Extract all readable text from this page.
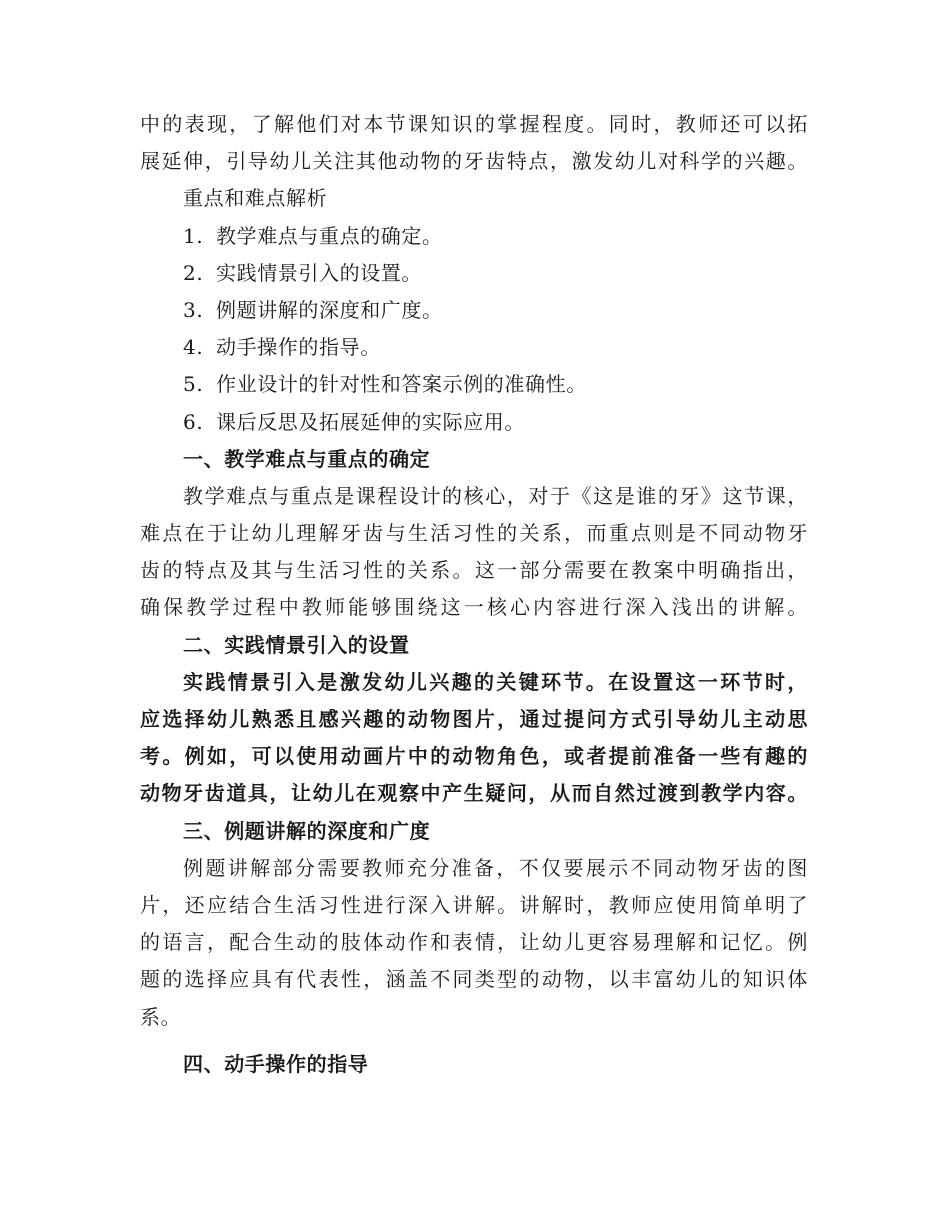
中的表现，了解他们对本节课知识的掌握程度。同时，教师还可以拓
展延伸，引导幼儿关注其他动物的牙齿特点，激发幼儿对科学的兴趣。
重点和难点解析
1. 教学难点与重点的确定。
2. 实践情景引入的设置。
3. 例题讲解的深度和广度。
4. 动手操作的指导。
5. 作业设计的针对性和答案示例的准确性。
6. 课后反思及拓展延伸的实际应用。
一、教学难点与重点的确定
教学难点与重点是课程设计的核心，对于《这是谁的牙》这节课，
难点在于让幼儿理解牙齿与生活习性的关系，而重点则是不同动物牙
齿的特点及其与生活习性的关系。这一部分需要在教案中明确指出，
确保教学过程中教师能够围绕这一核心内容进行深入浅出的讲解。
二、实践情景引入的设置
实践情景引入是激发幼儿兴趣的关键环节。在设置这一环节时，
应选择幼儿熟悉且感兴趣的动物图片，通过提问方式引导幼儿主动思
考。例如，可以使用动画片中的动物角色，或者提前准备一些有趣的
动物牙齿道具，让幼儿在观察中产生疑问，从而自然过渡到教学内容。
三、例题讲解的深度和广度
例题讲解部分需要教师充分准备，不仅要展示不同动物牙齿的图
片，还应结合生活习性进行深入讲解。讲解时，教师应使用简单明了
的语言，配合生动的肢体动作和表情，让幼儿更容易理解和记忆。例
题的选择应具有代表性，涵盖不同类型的动物，以丰富幼儿的知识体
系。
四、动手操作的指导
